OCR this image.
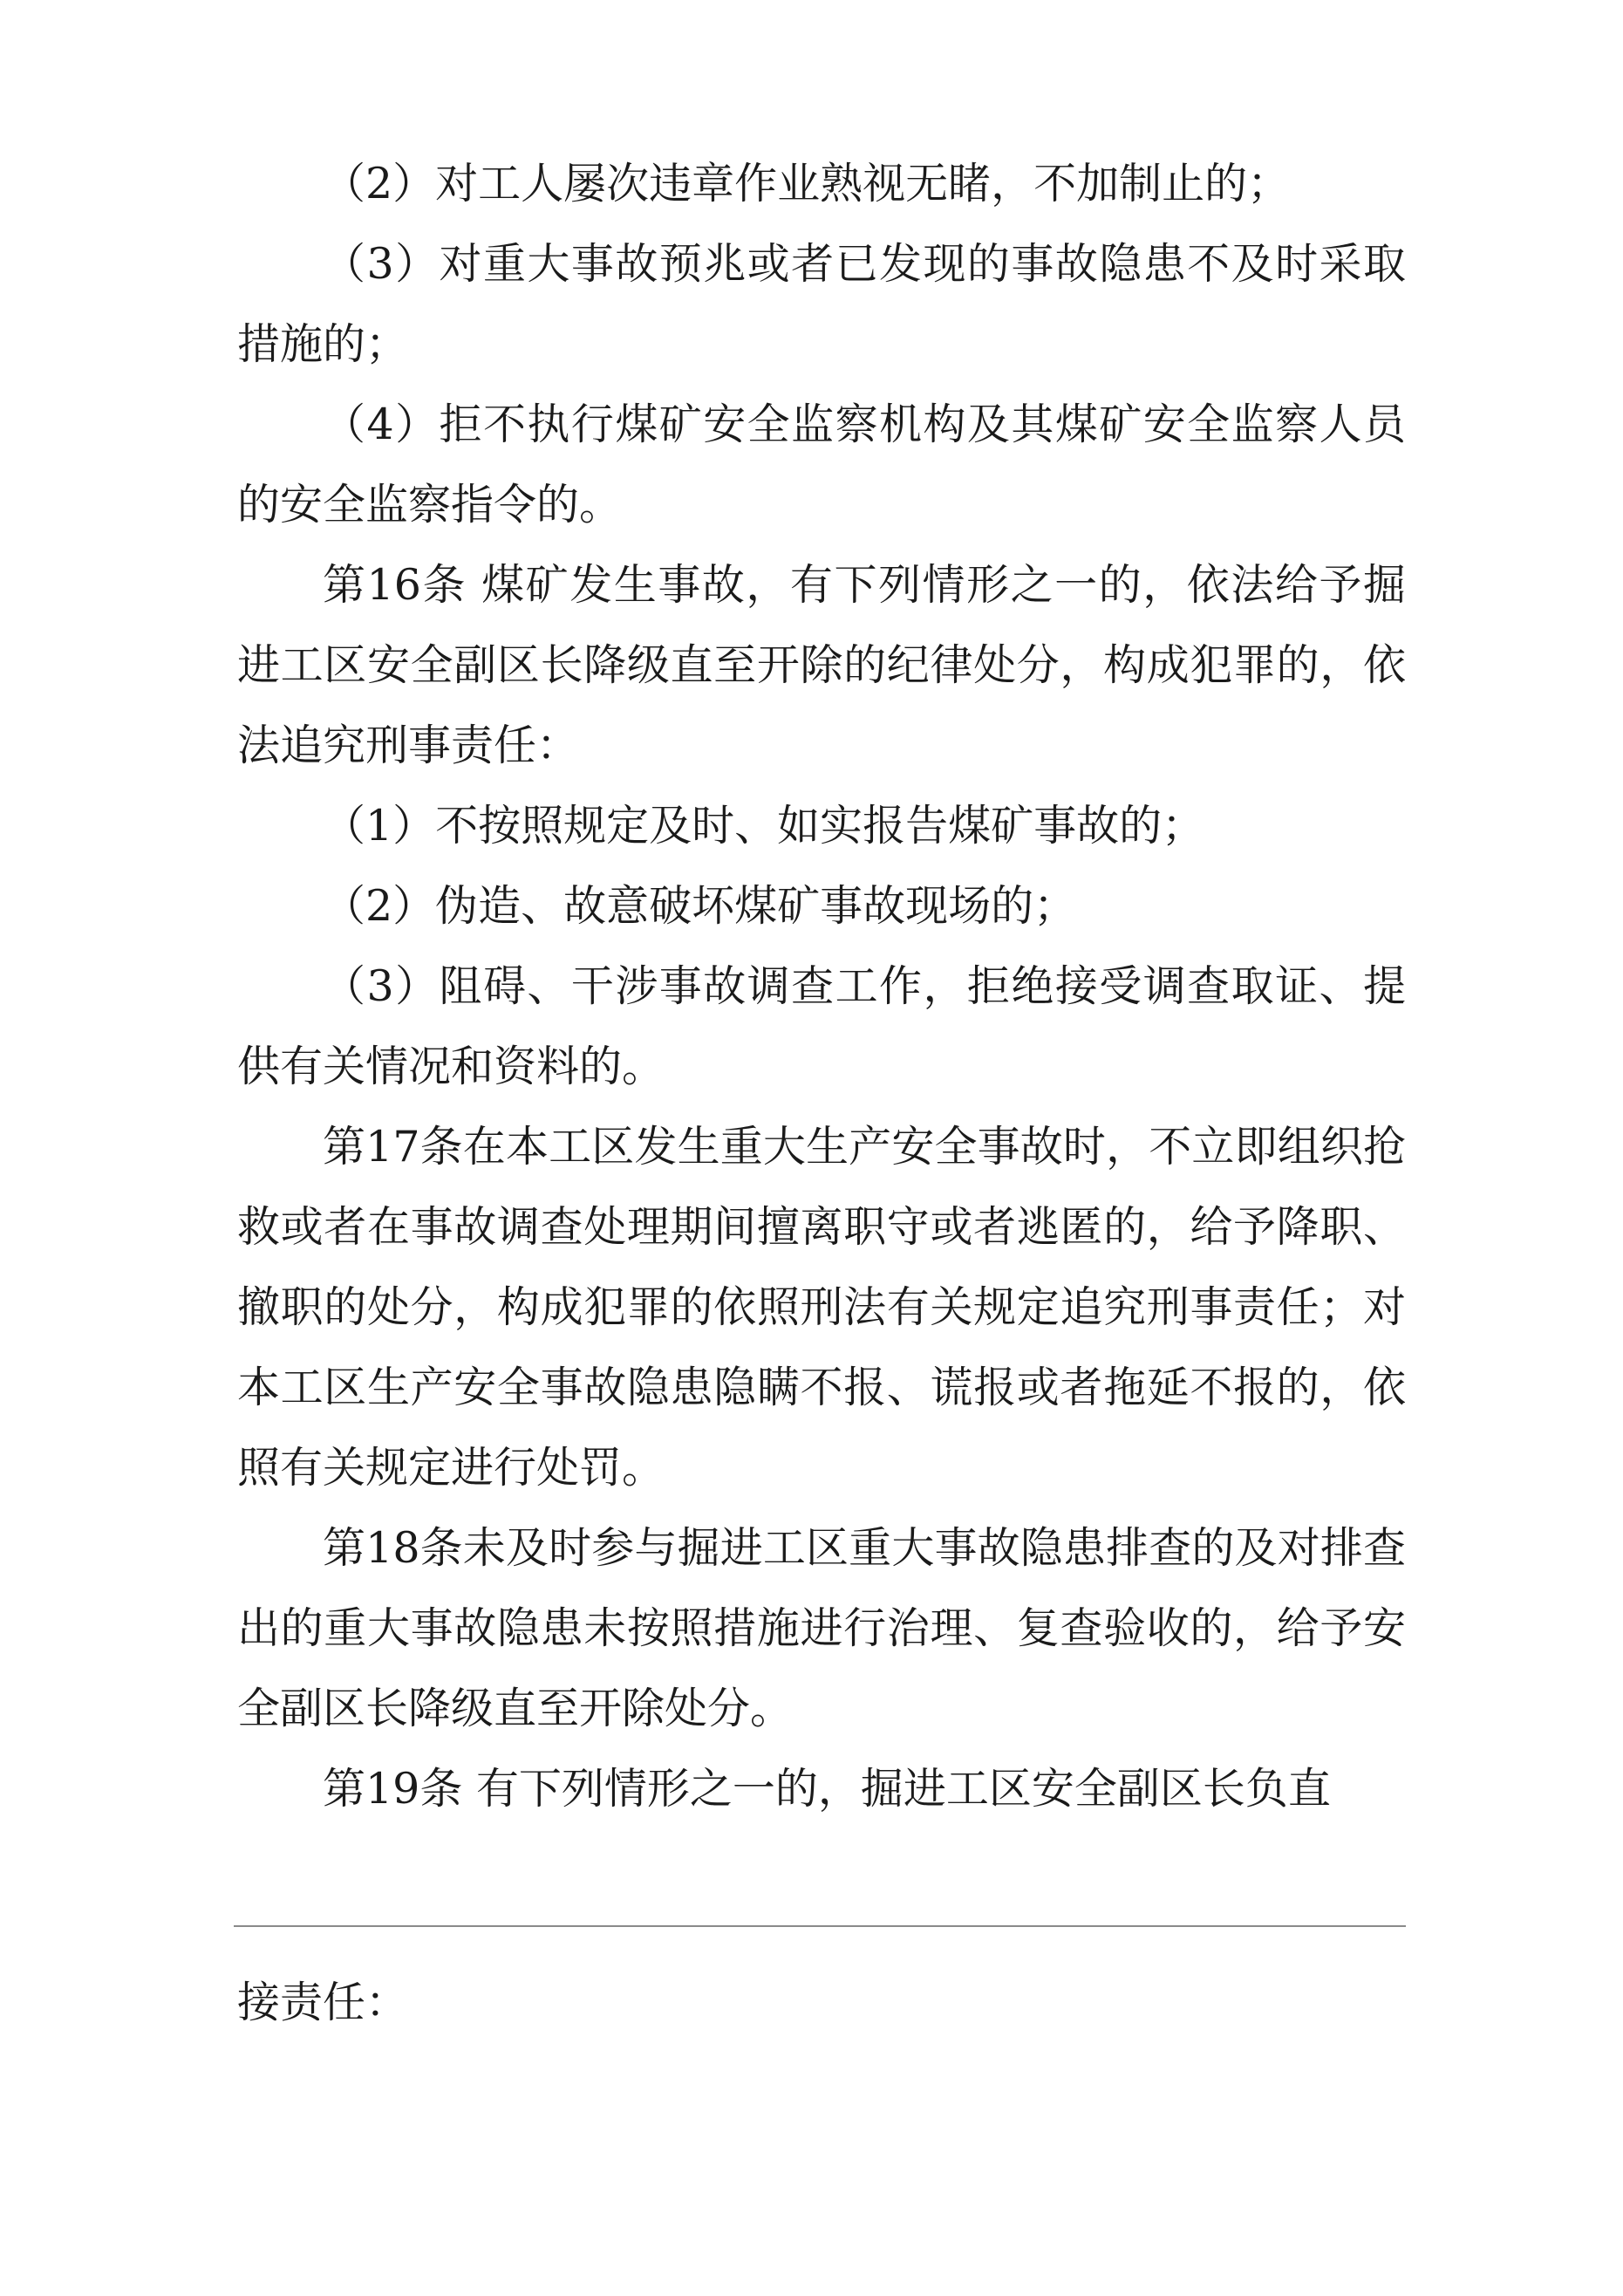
（2）对工人屡次违章作业熟视无睹，不加制止的；

（3）对重大事故预兆或者已发现的事故隐患不及时采取措施的；

（4）拒不执行煤矿安全监察机构及其煤矿安全监察人员的安全监察指令的。

第16条 煤矿发生事故，有下列情形之一的，依法给予掘进工区安全副区长降级直至开除的纪律处分，构成犯罪的，依法追究刑事责任：

（1）不按照规定及时、如实报告煤矿事故的；

（2）伪造、故意破坏煤矿事故现场的；

（3）阻碍、干涉事故调查工作，拒绝接受调查取证、提供有关情况和资料的。

第17条在本工区发生重大生产安全事故时，不立即组织抢救或者在事故调查处理期间擅离职守或者逃匿的，给予降职、撤职的处分，构成犯罪的依照刑法有关规定追究刑事责任；对本工区生产安全事故隐患隐瞒不报、谎报或者拖延不报的，依照有关规定进行处罚。

第18条未及时参与掘进工区重大事故隐患排查的及对排查出的重大事故隐患未按照措施进行治理、复查验收的，给予安全副区长降级直至开除处分。

第19条 有下列情形之一的，掘进工区安全副区长负直

接责任：
